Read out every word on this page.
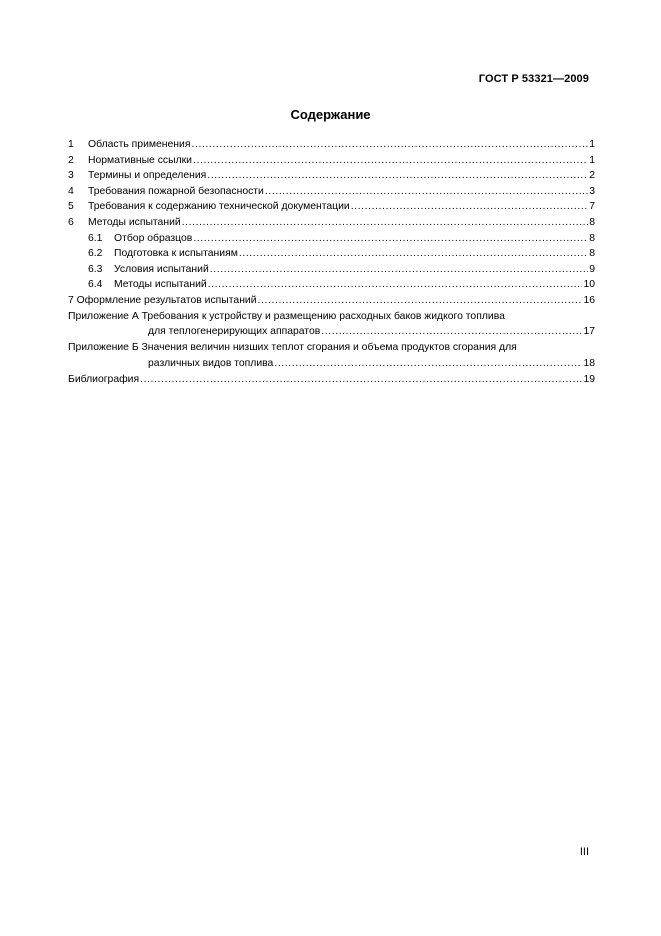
ГОСТ Р 53321—2009
Содержание
1	Область применения .....	1
2	Нормативные ссылки .....	1
3	Термины и определения .....	2
4	Требования пожарной безопасности .....	3
5	Требования к содержанию технической документации .....	7
6	Методы испытаний .....	8
6.1	Отбор образцов .....	8
6.2	Подготовка к испытаниям .....	8
6.3	Условия испытаний .....	9
6.4	Методы испытаний .....	10
7 Оформление результатов испытаний .....	16
Приложение А Требования к устройству и размещению расходных баков жидкого топлива
для теплогенерирующих аппаратов .....	17
Приложение Б Значения величин низших теплот сгорания и объема продуктов сгорания для
различных видов топлива .....	18
Библиография .....	19
III
